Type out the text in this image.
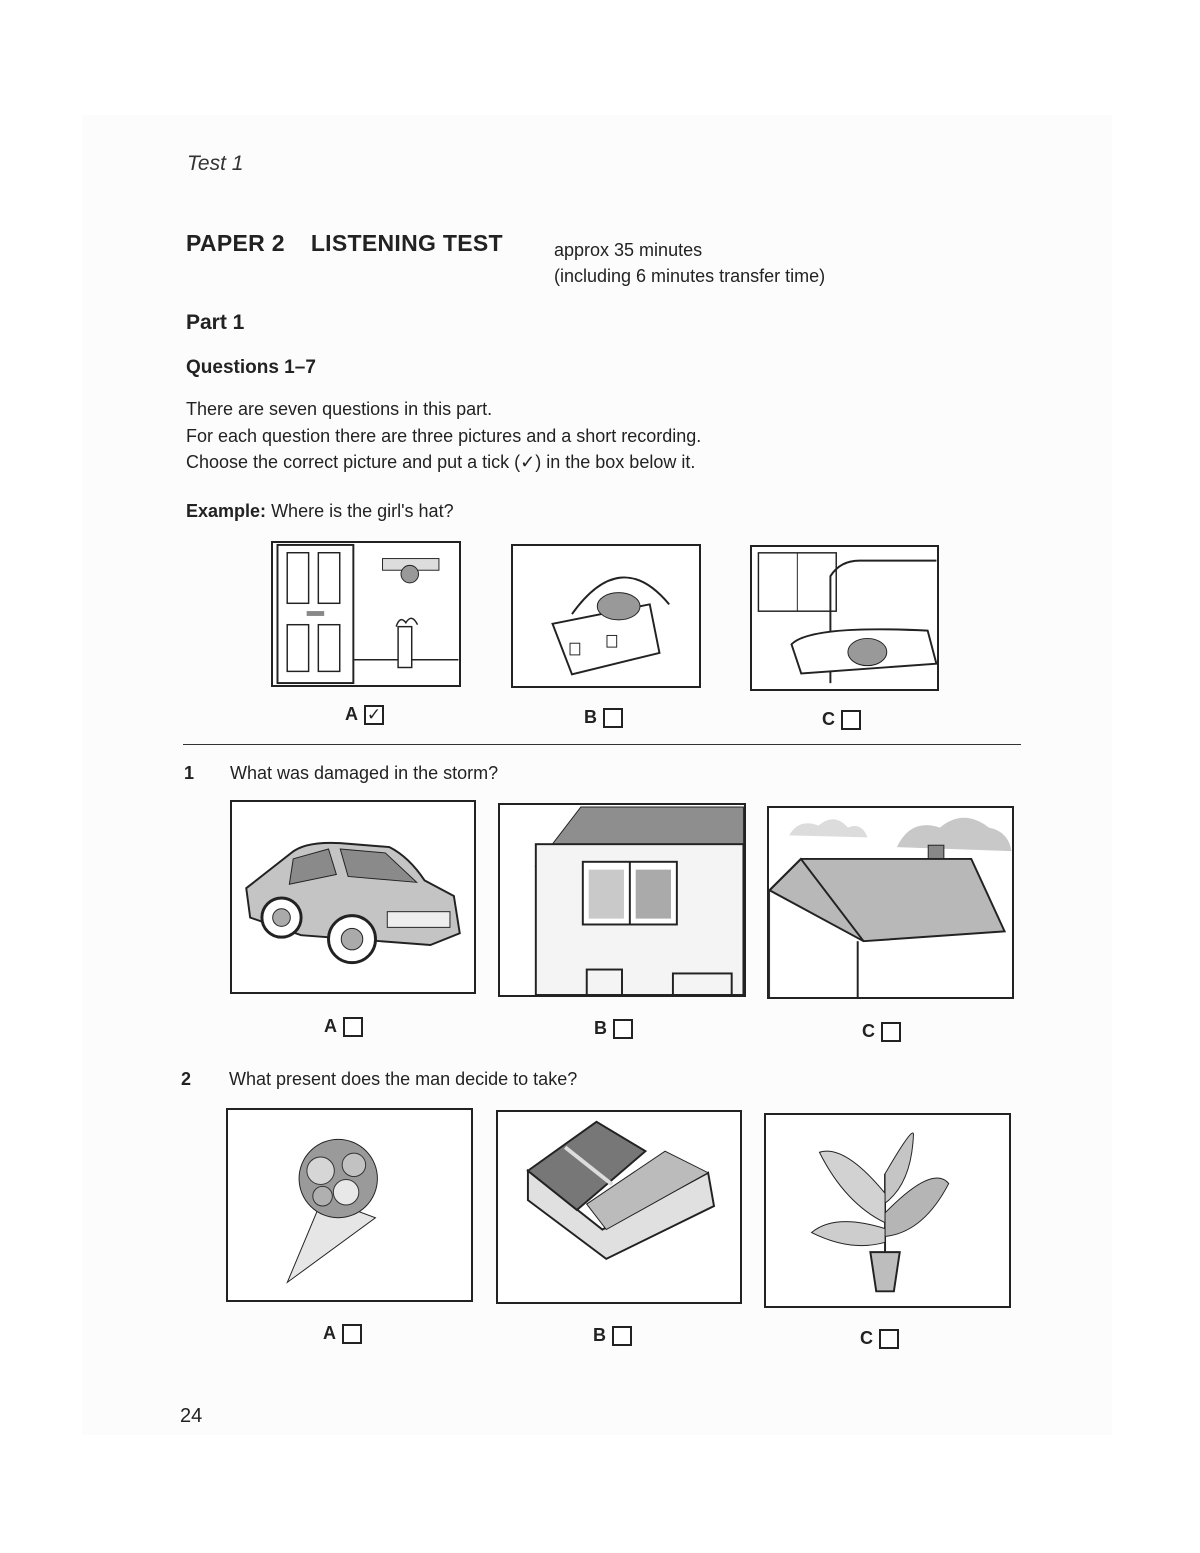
Test 1
PAPER 2 LISTENING TEST	approx 35 minutes
(including 6 minutes transfer time)
Part 1
Questions 1–7
There are seven questions in this part.
For each question there are three pictures and a short recording.
Choose the correct picture and put a tick (✓) in the box below it.
Example: Where is the girl's hat?
A ✓	B	C
1 What was damaged in the storm?
A	B	C
2 What present does the man decide to take?
A	B	C
24
